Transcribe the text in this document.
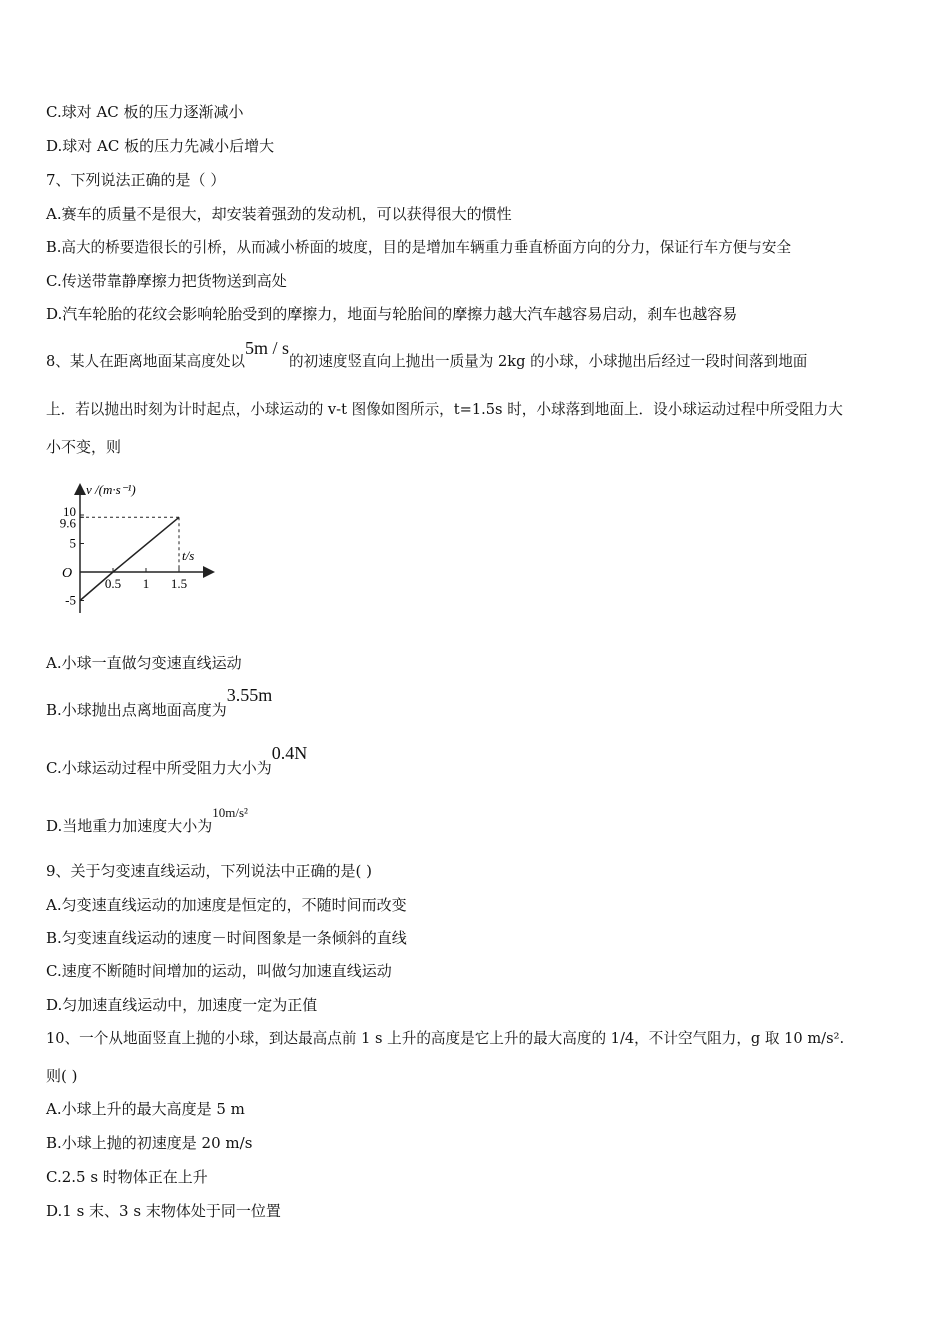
C.球对 AC 板的压力逐渐减小
D.球对 AC 板的压力先减小后增大
7、下列说法正确的是（ ）
A.赛车的质量不是很大，却安装着强劲的发动机，可以获得很大的惯性
B.高大的桥要造很长的引桥，从而减小桥面的坡度，目的是增加车辆重力垂直桥面方向的分力，保证行车方便与安全
C.传送带靠静摩擦力把货物送到高处
D.汽车轮胎的花纹会影响轮胎受到的摩擦力，地面与轮胎间的摩擦力越大汽车越容易启动，刹车也越容易
8、某人在距离地面某高度处以5m / s的初速度竖直向上抛出一质量为 2kg 的小球，小球抛出后经过一段时间落到地面
上．若以抛出时刻为计时起点，小球运动的 v-t 图像如图所示，t=1.5s 时，小球落到地面上．设小球运动过程中所受阻力大
小不变，则
v /(m·s⁻¹)
t/s
O
0.5 1 1.5
10
9.6
5
-5
A.小球一直做匀变速直线运动
B.小球抛出点离地面高度为3.55m
C.小球运动过程中所受阻力大小为0.4N
D.当地重力加速度大小为10m/s²
9、关于匀变速直线运动，下列说法中正确的是( )
A.匀变速直线运动的加速度是恒定的，不随时间而改变
B.匀变速直线运动的速度－时间图象是一条倾斜的直线
C.速度不断随时间增加的运动，叫做匀加速直线运动
D.匀加速直线运动中，加速度一定为正值
10、一个从地面竖直上抛的小球，到达最高点前 1 s 上升的高度是它上升的最大高度的 1/4，不计空气阻力，g 取 10 m/s².
则( )
A.小球上升的最大高度是 5 m
B.小球上抛的初速度是 20 m/s
C.2.5 s 时物体正在上升
D.1 s 末、3 s 末物体处于同一位置
